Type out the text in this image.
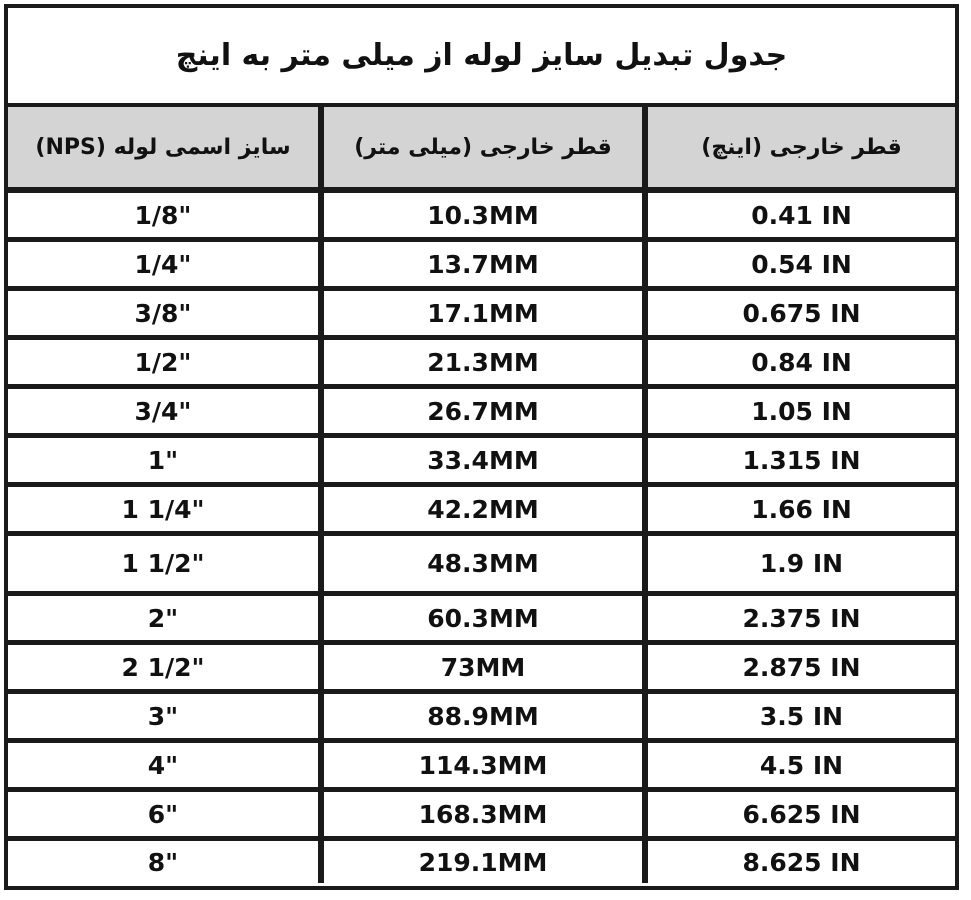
جدول تبدیل سایز لوله از میلی متر به اینچ
سایز اسمی لوله (NPS)	قطر خارجی (میلی متر)	قطر خارجی (اینچ)
1/8"	10.3MM	0.41 IN
1/4"	13.7MM	0.54 IN
3/8"	17.1MM	0.675 IN
1/2"	21.3MM	0.84 IN
3/4"	26.7MM	1.05 IN
1"	33.4MM	1.315 IN
1 1/4"	42.2MM	1.66 IN
1 1/2"	48.3MM	1.9 IN
2"	60.3MM	2.375 IN
2 1/2"	73MM	2.875 IN
3"	88.9MM	3.5 IN
4"	114.3MM	4.5 IN
6"	168.3MM	6.625 IN
8"	219.1MM	8.625 IN
